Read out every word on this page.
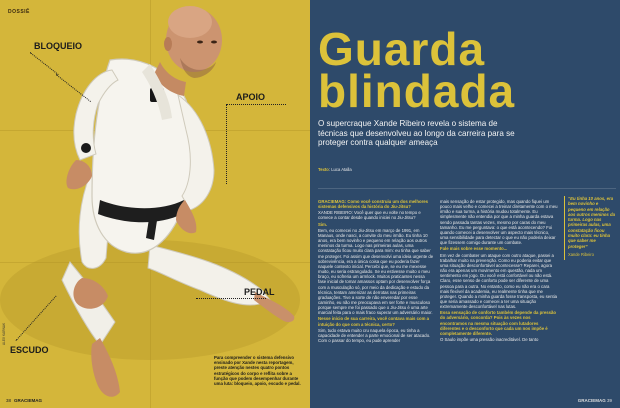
DOSSIÊ
BLOQUEIO
APOIO
PEDAL
ESCUDO
Para compreender o sistema defensivo ensinado por Xande nesta reportagem, preste atenção nestes quatro pontos estratégicos do corpo e reflita sobre a função que podem desempenhar durante uma luta: bloqueio, apoio, escudo e pedal.
ALEX KARNAK
38 GRACIEMAG
Guarda
blindada
O supercraque Xande Ribeiro revela o sistema de técnicas que desenvolveu ao longo da carreira para se proteger contra qualquer ameaça
Texto: Luca Atalla

GRACIEMAG: Como você construiu um dos melhores sistemas defensivos da história do Jiu-Jitsu?

XANDE RIBEIRO: Você quer que eu volte no tempo e comece a contar desde quando iniciei no Jiu-Jitsu?

Sim.

Bem, eu comecei no Jiu-Jitsu em março de 1991, em Manaus, onde nasci, a convite do meu irmão. Eu tinha 10 anos, era bem novinho e pequeno em relação aos outros meninos da turma. Logo nas primeiras aulas, uma constatação ficou muito clara para mim: eu tinha que saber me proteger. Foi assim que desenvolvi uma ideia urgente de sobrevivência, era a única coisa que eu poderia fazer naquele contexto inicial. Percebi que, se eu me mexesse muito, eu seria estrangulado. Se eu estivesse muito o meu braço, eu sofreria um armlock. Muitos praticantes nessa fase inicial de tomar amassos optam por desenvolver força com a musculação só, por meio da dedicação e estudo da técnica, tentam amenizar as derrotas nas primeiras graduações. Tive a sorte de não enveredar por esse caminho, eu não me preocupava em ser forte e musculoso porque sempre me foi passado que o Jiu-Jitsu é uma arte marcial feita para o mais fraco superar um adversário maior.

Nesse início de sua carreira, você contava mais com a intuição do que com a técnica, certo?

Sim, tudo estava muito cru naquela época, eu tinha a capacidade de entender a parte emocional de ser atacado. Com o passar do tempo, eu pude aprender

mais sensação de estar protegido, mas quando fiquei um pouco mais velho e comecei a treinar diretamente com o meu irmão e sua turma, a história mudou totalmente. Eu simplesmente não entendia por que a minha guarda estava sendo passada tantas vezes, mesmo por caras do meu tamanho. Eu me perguntava: o que está acontecendo? Foi quando comecei a desenvolver um aspecto mais técnico, uma sensibilidade para detectar o que eu não poderia deixar que fizessem comigo durante um combate.

Fale mais sobre esse momento...

Em vez de combater um ataque com outro ataque, passei a trabalhar muito na prevenção. Como eu poderia evitar que uma situação desconfortável acontecesse? Reparei, agora não era apenas um movimento em questão, nada um sentimento em jogo. Ou você está confortável ou não está. Claro, esse senso de conforto pode ser diferente de uma pessoa para a outra. No entanto, como eu não era o cara mais flexível da academia, eu realmente tinha que me proteger. Quando a minha guarda fosse transposta, eu sentia que seria amassado e comecei a ter uma situação extremamente desconfortável nas lutas.

Essa sensação de conforto também depende da pressão do adversário, concorda? Pois às vezes nos encontramos na mesma situação com lutadores diferentes e o desconforto que cada um nos impõe é completamente diferente.

O Saulo impõe uma pressão inacreditável. De tanto

“Eu tinha 10 anos, era bem novinho e pequeno em relação aos outros meninos da turma. Logo nas primeiras aulas, uma constatação ficou muito clara: eu tinha que saber me proteger”
Xande Ribeiro
GRACIEMAG 39
